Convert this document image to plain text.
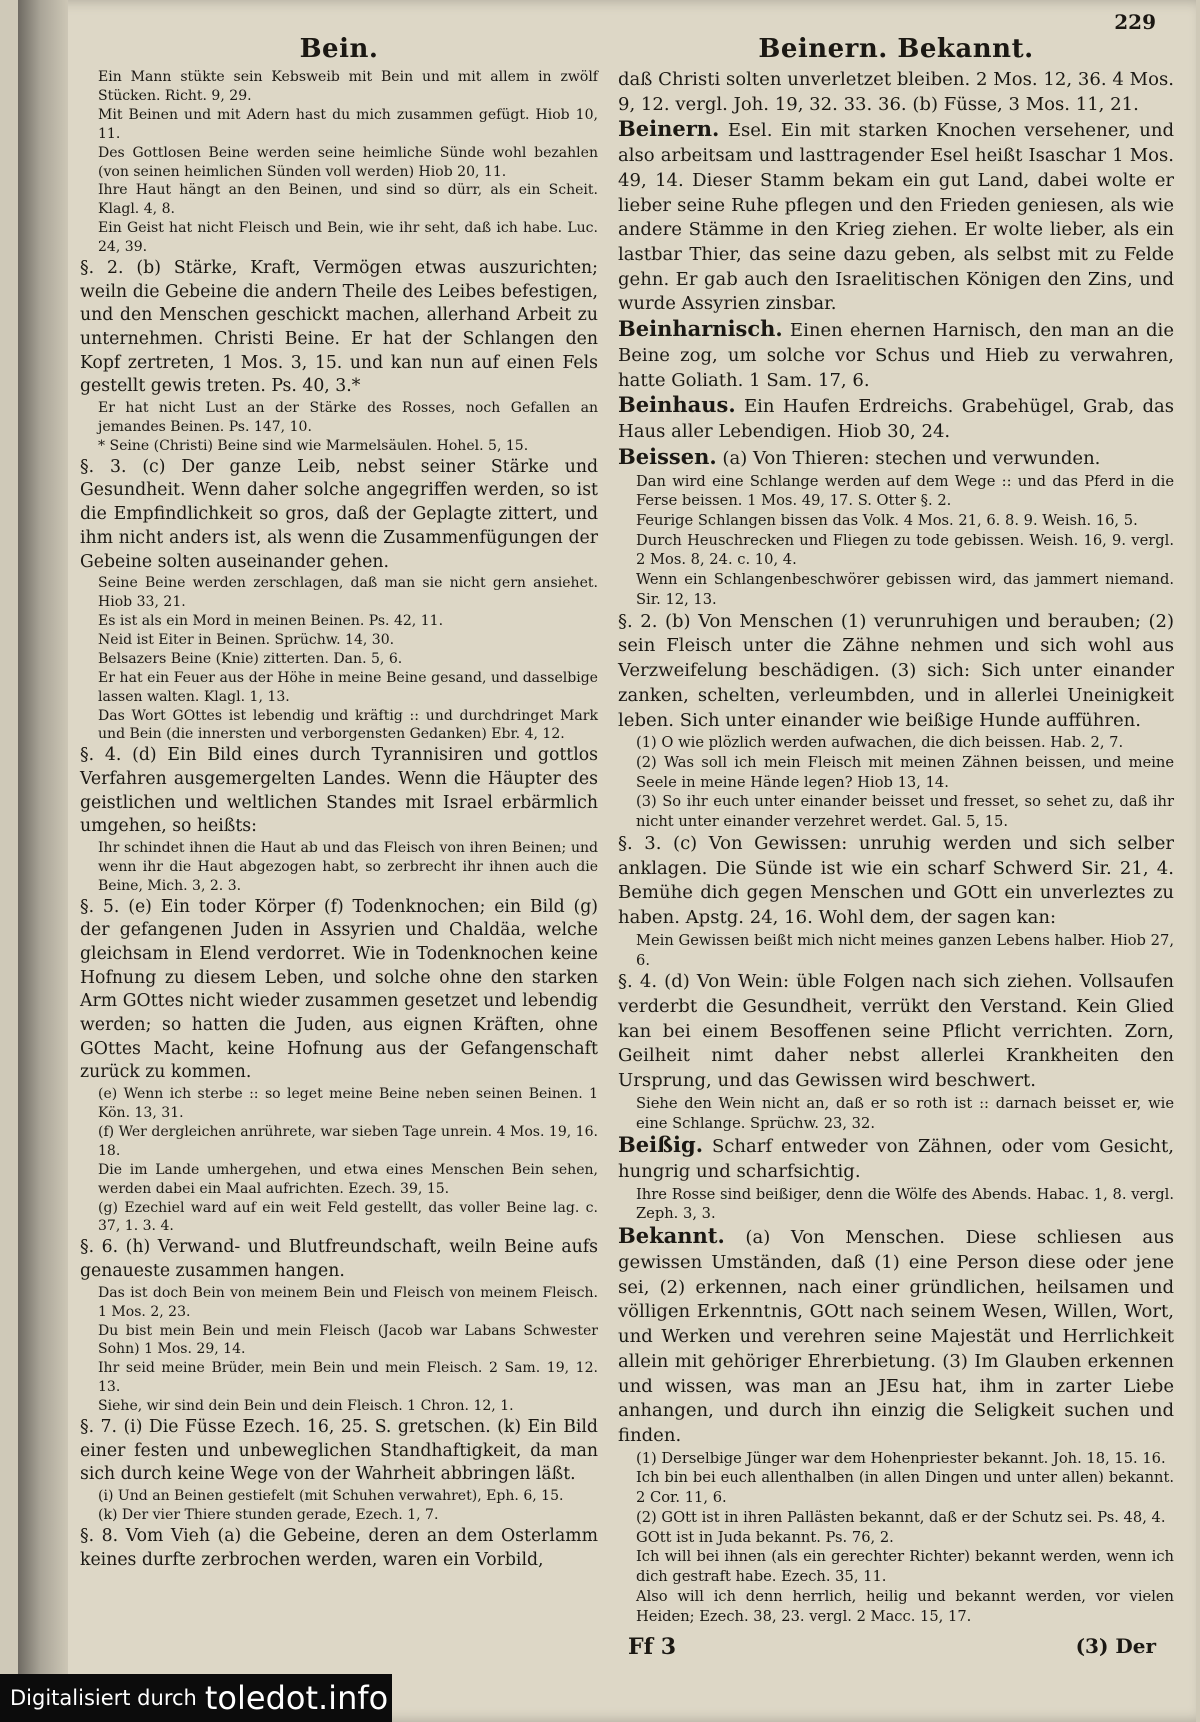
229
Bein.

Ein Mann stükte sein Kebsweib mit Bein und mit allem in zwölf Stücken. Richt. 9, 29.

Mit Beinen und mit Adern hast du mich zusammen gefügt. Hiob 10, 11.

Des Gottlosen Beine werden seine heimliche Sünde wohl bezahlen (von seinen heimlichen Sünden voll werden) Hiob 20, 11.

Ihre Haut hängt an den Beinen, und sind so dürr, als ein Scheit. Klagl. 4, 8.

Ein Geist hat nicht Fleisch und Bein, wie ihr seht, daß ich habe. Luc. 24, 39.

§. 2. (b) Stärke, Kraft, Vermögen etwas auszurichten; weiln die Gebeine die andern Theile des Leibes befestigen, und den Menschen geschickt machen, allerhand Arbeit zu unternehmen. Christi Beine. Er hat der Schlangen den Kopf zertreten, 1 Mos. 3, 15. und kan nun auf einen Fels gestellt gewis treten. Ps. 40, 3.*

Er hat nicht Lust an der Stärke des Rosses, noch Gefallen an jemandes Beinen. Ps. 147, 10.

* Seine (Christi) Beine sind wie Marmelsäulen. Hohel. 5, 15.

§. 3. (c) Der ganze Leib, nebst seiner Stärke und Gesundheit. Wenn daher solche angegriffen werden, so ist die Empfindlichkeit so gros, daß der Geplagte zittert, und ihm nicht anders ist, als wenn die Zusammenfügungen der Gebeine solten auseinander gehen.

Seine Beine werden zerschlagen, daß man sie nicht gern ansiehet. Hiob 33, 21.

Es ist als ein Mord in meinen Beinen. Ps. 42, 11.

Neid ist Eiter in Beinen. Sprüchw. 14, 30.

Belsazers Beine (Knie) zitterten. Dan. 5, 6.

Er hat ein Feuer aus der Höhe in meine Beine gesand, und dasselbige lassen walten. Klagl. 1, 13.

Das Wort GOttes ist lebendig und kräftig :: und durchdringet Mark und Bein (die innersten und verborgensten Gedanken) Ebr. 4, 12.

§. 4. (d) Ein Bild eines durch Tyrannisiren und gottlos Verfahren ausgemergelten Landes. Wenn die Häupter des geistlichen und weltlichen Standes mit Israel erbärmlich umgehen, so heißts:

Ihr schindet ihnen die Haut ab und das Fleisch von ihren Beinen; und wenn ihr die Haut abgezogen habt, so zerbrecht ihr ihnen auch die Beine, Mich. 3, 2. 3.

§. 5. (e) Ein toder Körper (f) Todenknochen; ein Bild (g) der gefangenen Juden in Assyrien und Chaldäa, welche gleichsam in Elend verdorret. Wie in Todenknochen keine Hofnung zu diesem Leben, und solche ohne den starken Arm GOttes nicht wieder zusammen gesetzet und lebendig werden; so hatten die Juden, aus eignen Kräften, ohne GOttes Macht, keine Hofnung aus der Gefangenschaft zurück zu kommen.

(e) Wenn ich sterbe :: so leget meine Beine neben seinen Beinen. 1 Kön. 13, 31.

(f) Wer dergleichen anrührete, war sieben Tage unrein. 4 Mos. 19, 16. 18.

Die im Lande umhergehen, und etwa eines Menschen Bein sehen, werden dabei ein Maal aufrichten. Ezech. 39, 15.

(g) Ezechiel ward auf ein weit Feld gestellt, das voller Beine lag. c. 37, 1. 3. 4.

§. 6. (h) Verwand- und Blutfreundschaft, weiln Beine aufs genaueste zusammen hangen.

Das ist doch Bein von meinem Bein und Fleisch von meinem Fleisch. 1 Mos. 2, 23.

Du bist mein Bein und mein Fleisch (Jacob war Labans Schwester Sohn) 1 Mos. 29, 14.

Ihr seid meine Brüder, mein Bein und mein Fleisch. 2 Sam. 19, 12. 13.

Siehe, wir sind dein Bein und dein Fleisch. 1 Chron. 12, 1.

§. 7. (i) Die Füsse Ezech. 16, 25. S. gretschen. (k) Ein Bild einer festen und unbeweglichen Standhaftigkeit, da man sich durch keine Wege von der Wahrheit abbringen läßt.

(i) Und an Beinen gestiefelt (mit Schuhen verwahret), Eph. 6, 15.

(k) Der vier Thiere stunden gerade, Ezech. 1, 7.

§. 8. Vom Vieh (a) die Gebeine, deren an dem Osterlamm keines durfte zerbrochen werden, waren ein Vorbild,

Beinern. Bekannt.

daß Christi solten unverletzet bleiben. 2 Mos. 12, 36. 4 Mos. 9, 12. vergl. Joh. 19, 32. 33. 36. (b) Füsse, 3 Mos. 11, 21.

Beinern. Esel. Ein mit starken Knochen versehener, und also arbeitsam und lasttragender Esel heißt Isaschar 1 Mos. 49, 14. Dieser Stamm bekam ein gut Land, dabei wolte er lieber seine Ruhe pflegen und den Frieden geniesen, als wie andere Stämme in den Krieg ziehen. Er wolte lieber, als ein lastbar Thier, das seine dazu geben, als selbst mit zu Felde gehn. Er gab auch den Israelitischen Königen den Zins, und wurde Assyrien zinsbar.

Beinharnisch. Einen ehernen Harnisch, den man an die Beine zog, um solche vor Schus und Hieb zu verwahren, hatte Goliath. 1 Sam. 17, 6.

Beinhaus. Ein Haufen Erdreichs. Grabehügel, Grab, das Haus aller Lebendigen. Hiob 30, 24.

Beissen. (a) Von Thieren: stechen und verwunden.

Dan wird eine Schlange werden auf dem Wege :: und das Pferd in die Ferse beissen. 1 Mos. 49, 17. S. Otter §. 2.

Feurige Schlangen bissen das Volk. 4 Mos. 21, 6. 8. 9. Weish. 16, 5.

Durch Heuschrecken und Fliegen zu tode gebissen. Weish. 16, 9. vergl. 2 Mos. 8, 24. c. 10, 4.

Wenn ein Schlangenbeschwörer gebissen wird, das jammert niemand. Sir. 12, 13.

§. 2. (b) Von Menschen (1) verunruhigen und berauben; (2) sein Fleisch unter die Zähne nehmen und sich wohl aus Verzweifelung beschädigen. (3) sich: Sich unter einander zanken, schelten, verleumbden, und in allerlei Uneinigkeit leben. Sich unter einander wie beißige Hunde aufführen.

(1) O wie plözlich werden aufwachen, die dich beissen. Hab. 2, 7.

(2) Was soll ich mein Fleisch mit meinen Zähnen beissen, und meine Seele in meine Hände legen? Hiob 13, 14.

(3) So ihr euch unter einander beisset und fresset, so sehet zu, daß ihr nicht unter einander verzehret werdet. Gal. 5, 15.

§. 3. (c) Von Gewissen: unruhig werden und sich selber anklagen. Die Sünde ist wie ein scharf Schwerd Sir. 21, 4. Bemühe dich gegen Menschen und GOtt ein unverleztes zu haben. Apstg. 24, 16. Wohl dem, der sagen kan:

Mein Gewissen beißt mich nicht meines ganzen Lebens halber. Hiob 27, 6.

§. 4. (d) Von Wein: üble Folgen nach sich ziehen. Vollsaufen verderbt die Gesundheit, verrükt den Verstand. Kein Glied kan bei einem Besoffenen seine Pflicht verrichten. Zorn, Geilheit nimt daher nebst allerlei Krankheiten den Ursprung, und das Gewissen wird beschwert.

Siehe den Wein nicht an, daß er so roth ist :: darnach beisset er, wie eine Schlange. Sprüchw. 23, 32.

Beißig. Scharf entweder von Zähnen, oder vom Gesicht, hungrig und scharfsichtig.

Ihre Rosse sind beißiger, denn die Wölfe des Abends. Habac. 1, 8. vergl. Zeph. 3, 3.

Bekannt. (a) Von Menschen. Diese schliesen aus gewissen Umständen, daß (1) eine Person diese oder jene sei, (2) erkennen, nach einer gründlichen, heilsamen und völligen Erkenntnis, GOtt nach seinem Wesen, Willen, Wort, und Werken und verehren seine Majestät und Herrlichkeit allein mit gehöriger Ehrerbietung. (3) Im Glauben erkennen und wissen, was man an JEsu hat, ihm in zarter Liebe anhangen, und durch ihn einzig die Seligkeit suchen und finden.

(1) Derselbige Jünger war dem Hohenpriester bekannt. Joh. 18, 15. 16.

Ich bin bei euch allenthalben (in allen Dingen und unter allen) bekannt. 2 Cor. 11, 6.

(2) GOtt ist in ihren Pallästen bekannt, daß er der Schutz sei. Ps. 48, 4.

GOtt ist in Juda bekannt. Ps. 76, 2.

Ich will bei ihnen (als ein gerechter Richter) bekannt werden, wenn ich dich gestraft habe. Ezech. 35, 11.

Also will ich denn herrlich, heilig und bekannt werden, vor vielen Heiden; Ezech. 38, 23. vergl. 2 Macc. 15, 17.

Ff 3	(3) Der
Digitalisiert durch toledot.info
